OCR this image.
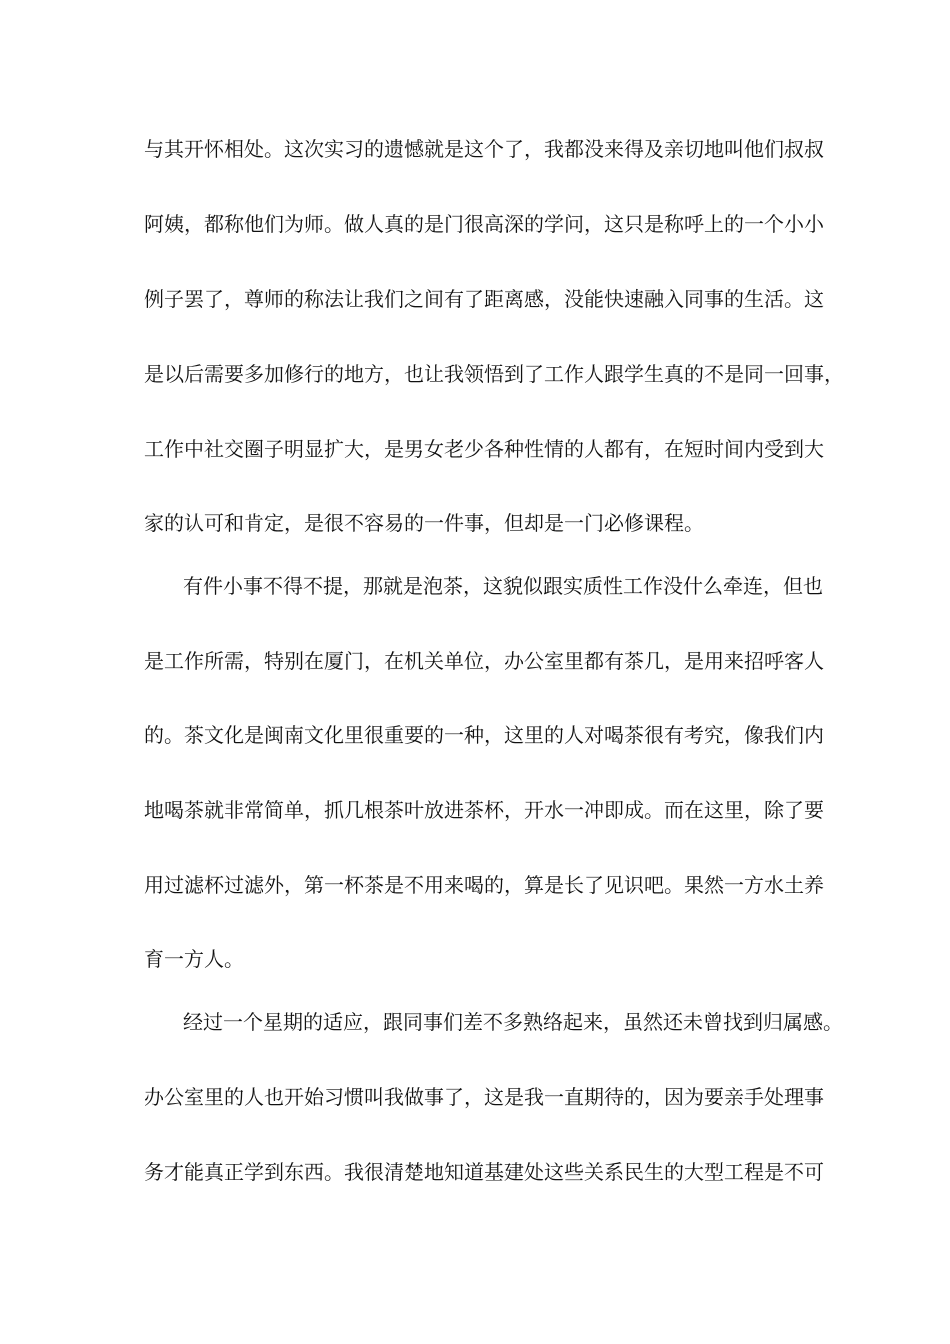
与其开怀相处。这次实习的遗憾就是这个了，我都没来得及亲切地叫他们叔叔
阿姨，都称他们为师。做人真的是门很高深的学问，这只是称呼上的一个小小
例子罢了，尊师的称法让我们之间有了距离感，没能快速融入同事的生活。这
是以后需要多加修行的地方，也让我领悟到了工作人跟学生真的不是同一回事，
工作中社交圈子明显扩大，是男女老少各种性情的人都有，在短时间内受到大
家的认可和肯定，是很不容易的一件事，但却是一门必修课程。
有件小事不得不提，那就是泡茶，这貌似跟实质性工作没什么牵连，但也
是工作所需，特别在厦门，在机关单位，办公室里都有茶几，是用来招呼客人
的。茶文化是闽南文化里很重要的一种，这里的人对喝茶很有考究，像我们内
地喝茶就非常简单，抓几根茶叶放进茶杯，开水一冲即成。而在这里，除了要
用过滤杯过滤外，第一杯茶是不用来喝的，算是长了见识吧。果然一方水土养
育一方人。
经过一个星期的适应，跟同事们差不多熟络起来，虽然还未曾找到归属感。
办公室里的人也开始习惯叫我做事了，这是我一直期待的，因为要亲手处理事
务才能真正学到东西。我很清楚地知道基建处这些关系民生的大型工程是不可
